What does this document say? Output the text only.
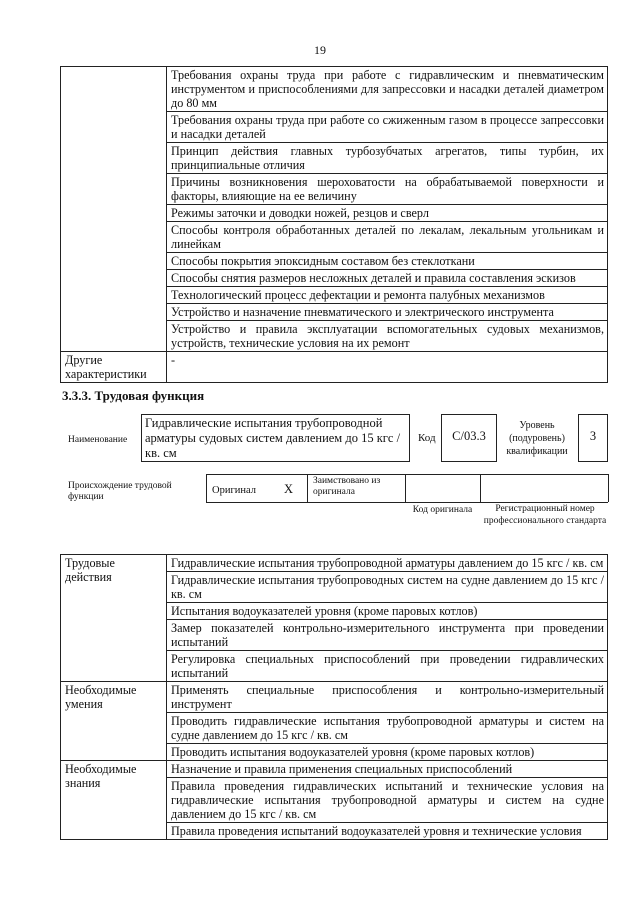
19
	Требования охраны труда при работе с гидравлическим и пневматическим инструментом и приспособлениями для запрессовки и насадки деталей диаметром до 80 мм
	Требования охраны труда при работе со сжиженным газом в процессе запрессовки и насадки деталей
	Принцип действия главных турбозубчатых агрегатов, типы турбин, их принципиальные отличия
	Причины возникновения шероховатости на обрабатываемой поверхности и факторы, влияющие на ее величину
	Режимы заточки и доводки ножей, резцов и сверл
	Способы контроля обработанных деталей по лекалам, лекальным угольникам и линейкам
	Способы покрытия эпоксидным составом без стеклоткани
	Способы снятия размеров несложных деталей и правила составления эскизов
	Технологический процесс дефектации и ремонта палубных механизмов
	Устройство и назначение пневматического и электрического инструмента
	Устройство и правила эксплуатации вспомогательных судовых механизмов, устройств, технические условия на их ремонт
Другие характеристики	-
3.3.3. Трудовая функция
Наименование
Гидравлические испытания трубопроводной арматуры судовых систем давлением до 15 кгс / кв. см
Код	C/03.3
Уровень (подуровень) квалификации
3
Происхождение трудовой функции
Оригинал X
Заимствовано из оригинала
Код оригинала	Регистрационный номер профессионального стандарта
Трудовые действия	Гидравлические испытания трубопроводной арматуры давлением до 15 кгс / кв. см
	Гидравлические испытания трубопроводных систем на судне давлением до 15 кгс / кв. см
	Испытания водоуказателей уровня (кроме паровых котлов)
	Замер показателей контрольно-измерительного инструмента при проведении испытаний
	Регулировка специальных приспособлений при проведении гидравлических испытаний
Необходимые умения	Применять специальные приспособления и контрольно-измерительный инструмент
	Проводить гидравлические испытания трубопроводной арматуры и систем на судне давлением до 15 кгс / кв. см
	Проводить испытания водоуказателей уровня (кроме паровых котлов)
Необходимые знания	Назначение и правила применения специальных приспособлений
	Правила проведения гидравлических испытаний и технические условия на гидравлические испытания трубопроводной арматуры и систем на судне давлением до 15 кгс / кв. см
	Правила проведения испытаний водоуказателей уровня и технические условия
